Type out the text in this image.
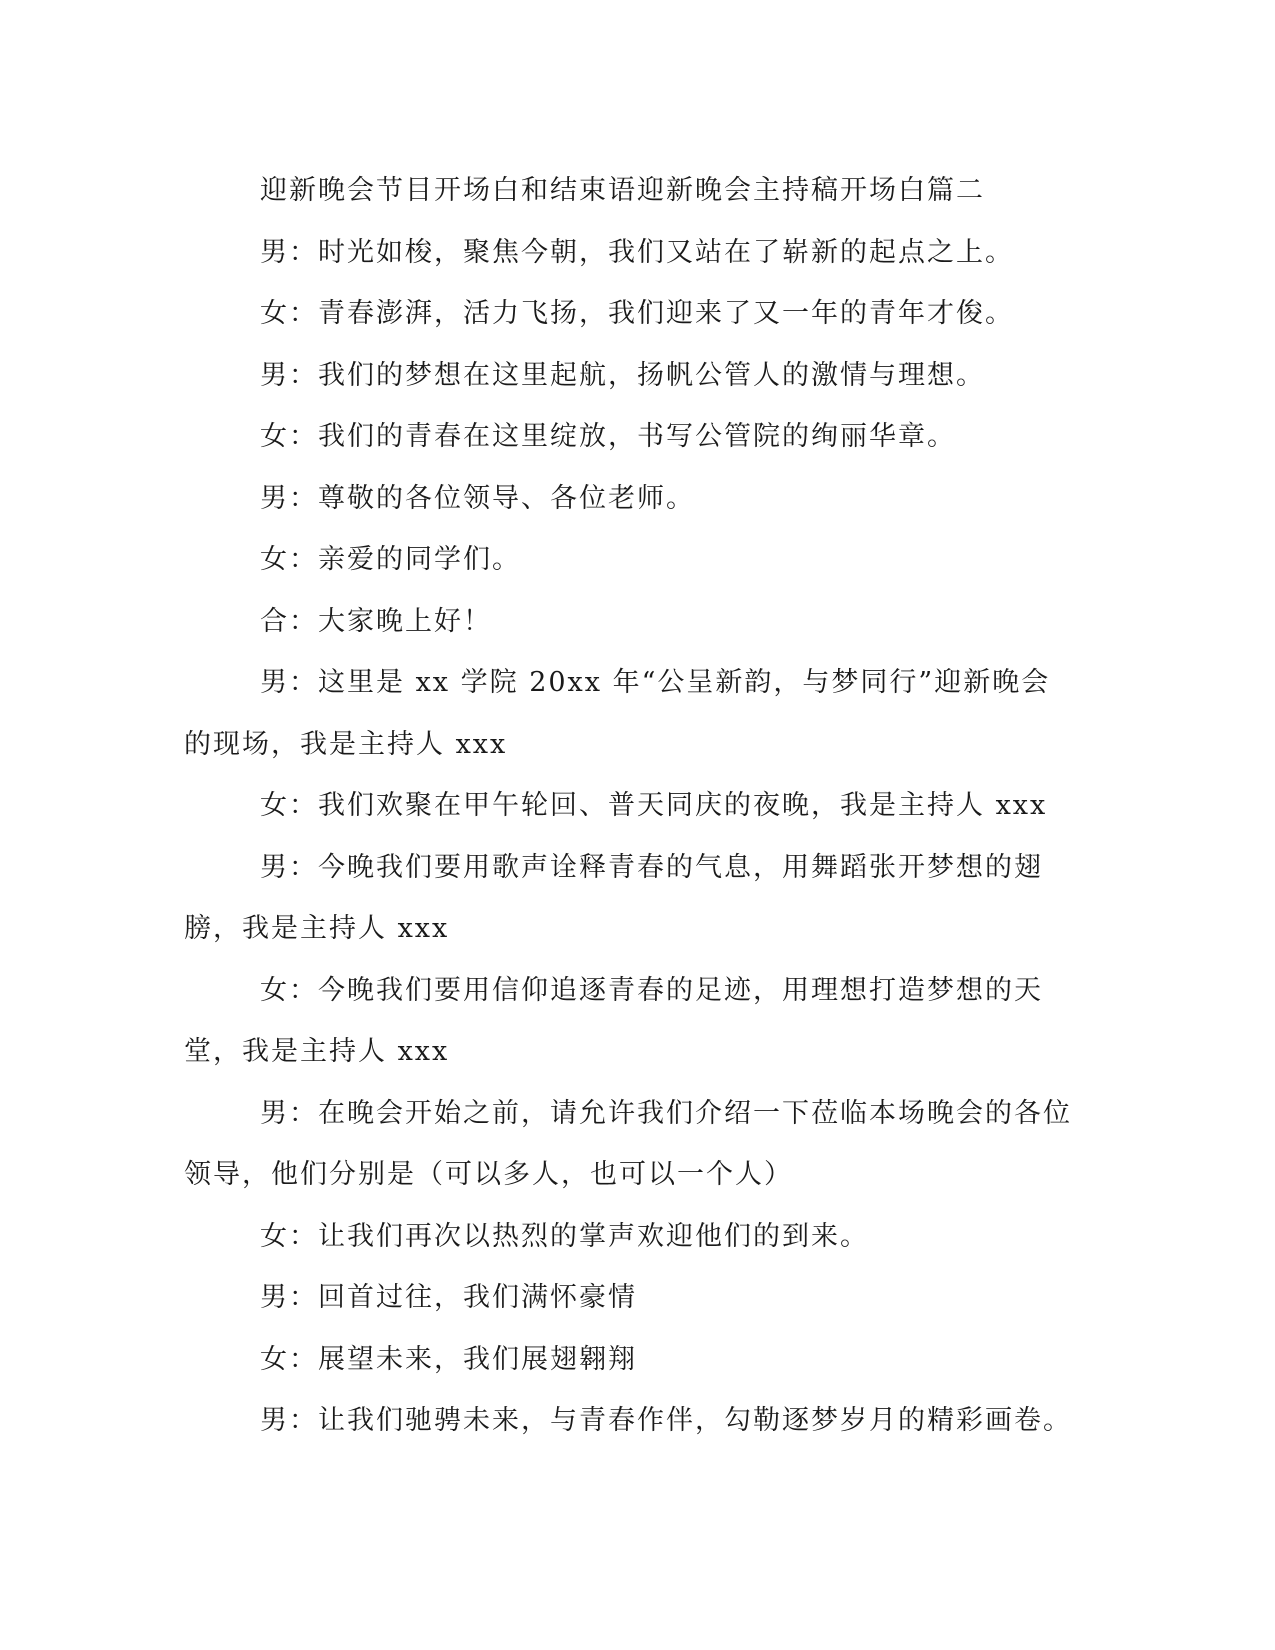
迎新晚会节目开场白和结束语迎新晚会主持稿开场白篇二

男：时光如梭，聚焦今朝，我们又站在了崭新的起点之上。

女：青春澎湃，活力飞扬，我们迎来了又一年的青年才俊。

男：我们的梦想在这里起航，扬帆公管人的激情与理想。

女：我们的青春在这里绽放，书写公管院的绚丽华章。

男：尊敬的各位领导、各位老师。

女：亲爱的同学们。

合：大家晚上好！

男：这里是 xx 学院 20xx 年“公呈新韵，与梦同行”迎新晚会的现场，我是主持人 xxx

女：我们欢聚在甲午轮回、普天同庆的夜晚，我是主持人 xxx

男：今晚我们要用歌声诠释青春的气息，用舞蹈张开梦想的翅膀，我是主持人 xxx

女：今晚我们要用信仰追逐青春的足迹，用理想打造梦想的天堂，我是主持人 xxx

男：在晚会开始之前，请允许我们介绍一下莅临本场晚会的各位领导，他们分别是（可以多人，也可以一个人）

女：让我们再次以热烈的掌声欢迎他们的到来。

男：回首过往，我们满怀豪情

女：展望未来，我们展翅翱翔

男：让我们驰骋未来，与青春作伴，勾勒逐梦岁月的精彩画卷。
